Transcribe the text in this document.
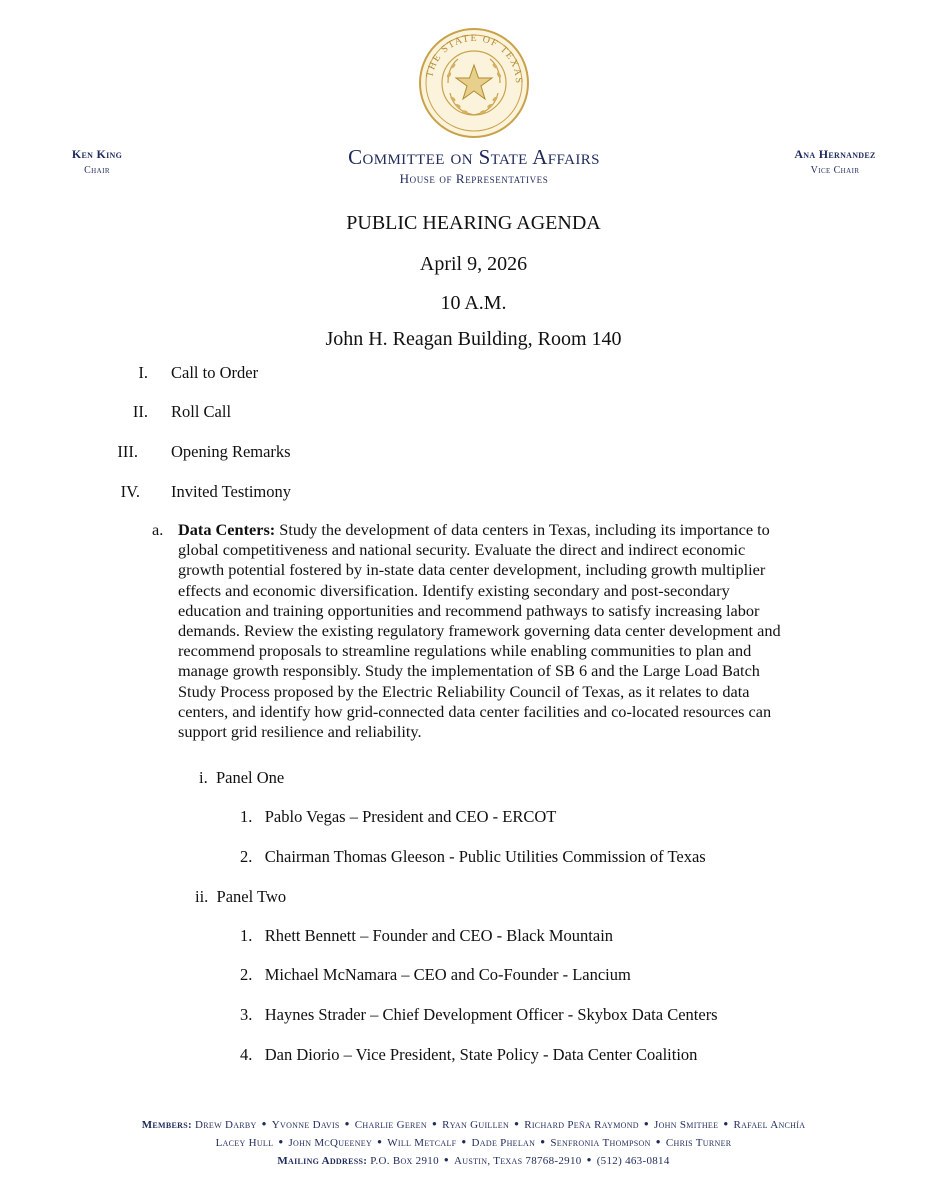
THE STATE OF TEXAS
Ken King
Chair
Committee on State Affairs
House of Representatives
Ana Hernandez
Vice Chair
PUBLIC HEARING AGENDA
April 9, 2026
10 A.M.
John H. Reagan Building, Room 140
I. Call to Order
II. Roll Call
III. Opening Remarks
IV. Invited Testimony
a. Data Centers: Study the development of data centers in Texas, including its importance to
global competitiveness and national security. Evaluate the direct and indirect economic
growth potential fostered by in-state data center development, including growth multiplier
effects and economic diversification. Identify existing secondary and post-secondary
education and training opportunities and recommend pathways to satisfy increasing labor
demands. Review the existing regulatory framework governing data center development and
recommend proposals to streamline regulations while enabling communities to plan and
manage growth responsibly. Study the implementation of SB 6 and the Large Load Batch
Study Process proposed by the Electric Reliability Council of Texas, as it relates to data
centers, and identify how grid-connected data center facilities and co-located resources can
support grid resilience and reliability.
i. Panel One
1. Pablo Vegas – President and CEO - ERCOT
2. Chairman Thomas Gleeson - Public Utilities Commission of Texas
ii. Panel Two
1. Rhett Bennett – Founder and CEO - Black Mountain
2. Michael McNamara – CEO and Co-Founder - Lancium
3. Haynes Strader – Chief Development Officer - Skybox Data Centers
4. Dan Diorio – Vice President, State Policy - Data Center Coalition
Members: Drew Darby ● Yvonne Davis ● Charlie Geren ● Ryan Guillen ● Richard Peña Raymond ● John Smithee ● Rafael Anchía
Lacey Hull ● John McQueeney ● Will Metcalf ● Dade Phelan ● Senfronia Thompson ● Chris Turner
Mailing Address: P.O. Box 2910 ● Austin, Texas 78768-2910 ● (512) 463-0814
